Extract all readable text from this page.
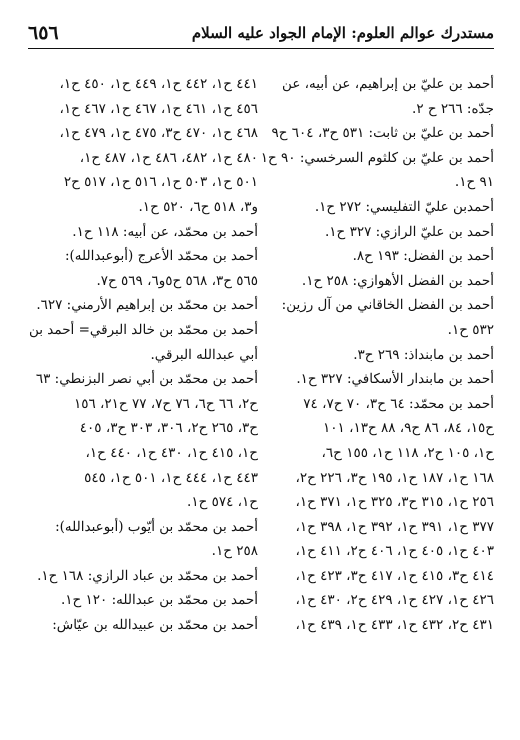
مستدرك عوالم العلوم: الإمام الجواد عليه السلام
٦٥٦

أحمد بن عليّ بن إبراهيم، عن أبيه، عن

جدّه: ٢٦٦ ح ٢.

أحمد بن عليّ بن ثابت: ٥٣١ ح٣، ٦٠٤ ح٩

أحمد بن عليّ بن كلثوم السرخسي: ٩٠ ح١

٩١ ح١.

أحمدبن عليّ التفليسي: ٢٧٢ ح١.

أحمد بن عليّ الرازي: ٣٢٧ ح١.

أحمد بن الفضل: ١٩٣ ح٨.

أحمد بن الفضل الأهوازي: ٢٥٨ ح١.

أحمد بن الفضل الخاقاني من آل رزين:

٥٣٢ ح١.

أحمد بن مابنداذ: ٢٦٩ ح٣.

أحمد بن مابندار الأسكافي: ٣٢٧ ح١.

أحمد بن محمّد: ٦٤ ح٣، ٧٠ ح٧، ٧٤

ح١٥، ٨٤، ٨٦ ح٩، ٨٨ ح١٣، ١٠١

ح١، ١٠٥ ح٢، ١١٨ ح١، ١٥٥ ح٦،

١٦٨ ح١، ١٨٧ ح١، ١٩٥ ح٣، ٢٢٦ ح٢،

٢٥٦ ح١، ٣١٥ ح٣، ٣٢٥ ح١، ٣٧١ ح١،

٣٧٧ ح١، ٣٩١ ح١، ٣٩٢ ح١، ٣٩٨ ح١،

٤٠٣ ح١، ٤٠٥ ح١، ٤٠٦ ح٢، ٤١١ ح١،

٤١٤ ح٣، ٤١٥ ح١، ٤١٧ ح٣، ٤٢٣ ح١،

٤٢٦ ح١، ٤٢٧ ح١، ٤٢٩ ح٢، ٤٣٠ ح١،

٤٣١ ح٢، ٤٣٢ ح١، ٤٣٣ ح١، ٤٣٩ ح١،

٤٤١ ح١، ٤٤٢ ح١، ٤٤٩ ح١، ٤٥٠ ح١،

٤٥٦ ح١، ٤٦١ ح١، ٤٦٧ ح١، ٤٦٧ ح١،

٤٦٨ ح١، ٤٧٠ ح٣، ٤٧٥ ح١، ٤٧٩ ح١،

٤٨٠ ح١، ٤٨٢، ٤٨٦ ح١، ٤٨٧ ح١،

٥٠١ ح١، ٥٠٣ ح١، ٥١٦ ح١، ٥١٧ ح٢

و٣، ٥١٨ ح٦، ٥٢٠ ح١.

أحمد بن محمّد، عن أبيه: ١١٨ ح١.

أحمد بن محمّد الأعرج (أبوعبدالله):

٥٦٥ ح٣، ٥٦٨ ح٥و٦، ٥٦٩ ح٧.

أحمد بن محمّد بن إبراهيم الأرمني: ٦٢٧.

أحمد بن محمّد بن خالد البرقي= أحمد بن

أبي عبدالله البرقي.

أحمد بن محمّد بن أبي نصر البزنطي: ٦٣

ح٢، ٦٦ ح٦، ٧٦ ح٧، ٧٧ ح٢١، ١٥٦

ح٣، ٢٦٥ ح٢، ٣٠٦، ٣٠٣ ح٣، ٤٠٥

ح١، ٤١٥ ح١، ٤٣٠ ح١، ٤٤٠ ح١،

٤٤٣ ح١، ٤٤٤ ح١، ٥٠١ ح١، ٥٤٥

ح١، ٥٧٤ ح١.

أحمد بن محمّد بن أيّوب (أبوعبدالله):

٢٥٨ ح١.

أحمد بن محمّد بن عباد الرازي: ١٦٨ ح١.

أحمد بن محمّد بن عبدالله: ١٢٠ ح١.

أحمد بن محمّد بن عبيدالله بن عيّاش:
